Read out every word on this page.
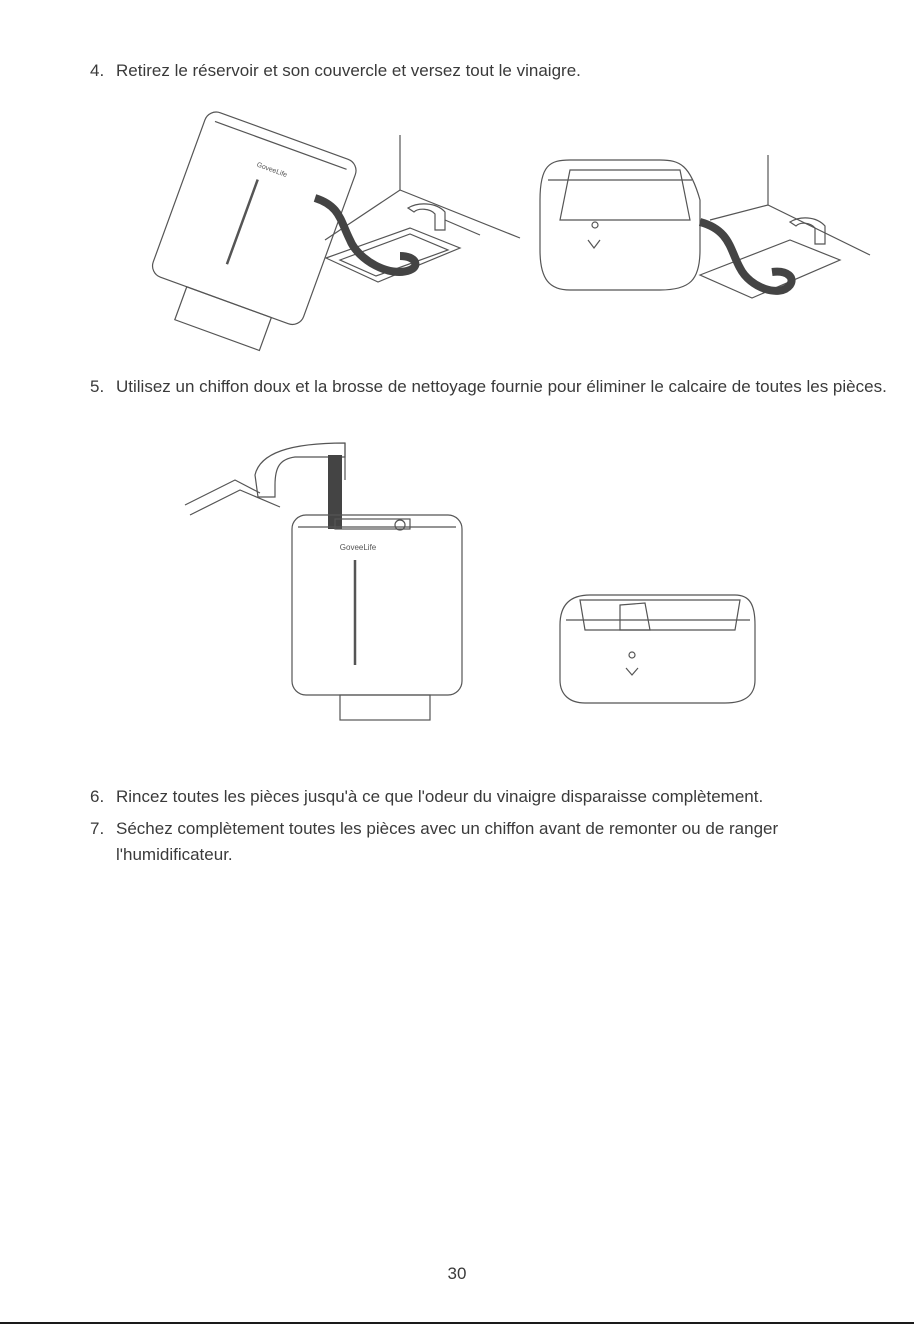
4. Retirez le réservoir et son couvercle et versez tout le vinaigre.
GoveeLife
5. Utilisez un chiffon doux et la brosse de nettoyage fournie pour éliminer le calcaire de toutes les pièces.
GoveeLife
6. Rincez toutes les pièces jusqu'à ce que l'odeur du vinaigre disparaisse complètement.
7. Séchez complètement toutes les pièces avec un chiffon avant de remonter ou de ranger l'humidificateur.
30
